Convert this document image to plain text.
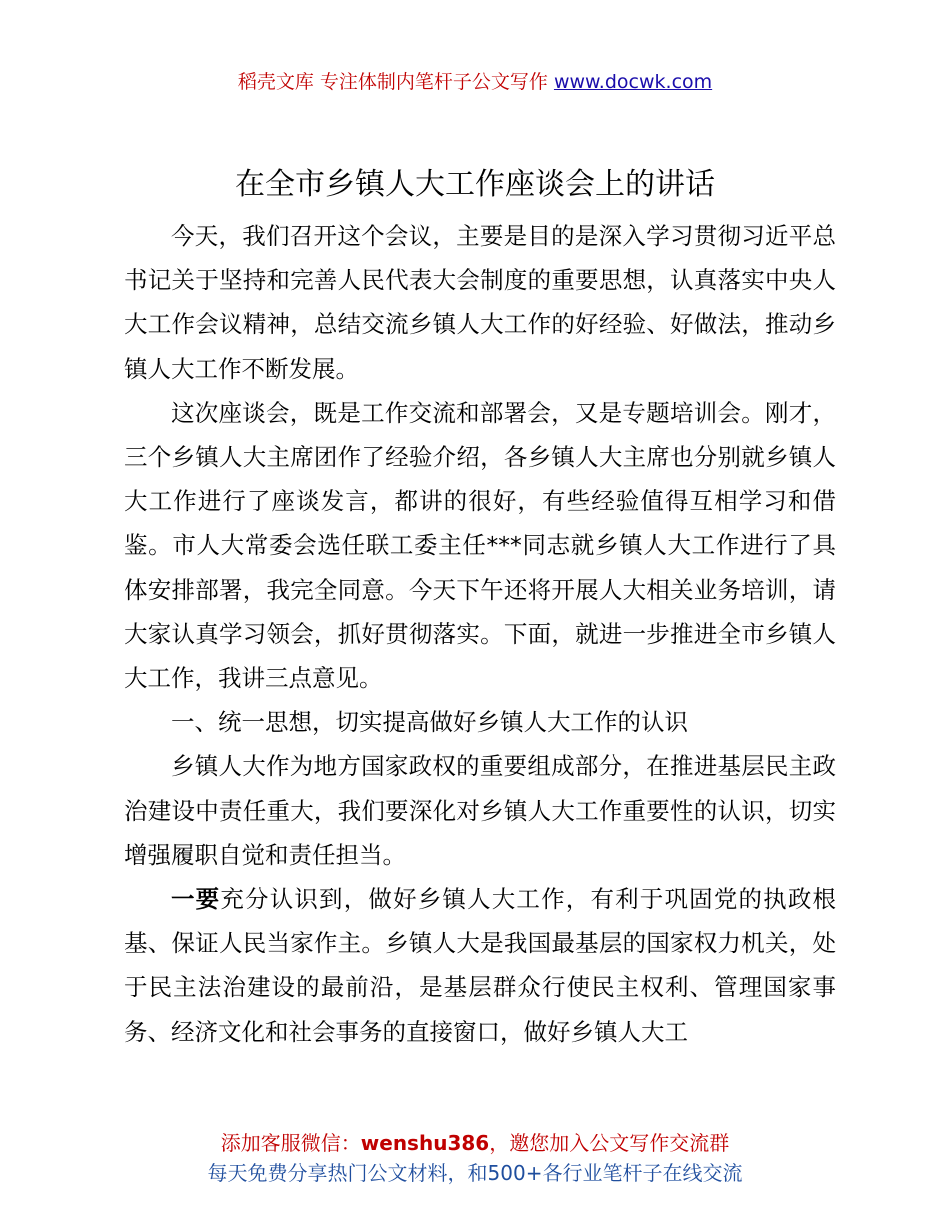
稻壳文库 专注体制内笔杆子公文写作 www.docwk.com
在全市乡镇人大工作座谈会上的讲话

今天，我们召开这个会议，主要是目的是深入学习贯彻习近平总书记关于坚持和完善人民代表大会制度的重要思想，认真落实中央人大工作会议精神，总结交流乡镇人大工作的好经验、好做法，推动乡镇人大工作不断发展。

这次座谈会，既是工作交流和部署会，又是专题培训会。刚才，三个乡镇人大主席团作了经验介绍，各乡镇人大主席也分别就乡镇人大工作进行了座谈发言，都讲的很好，有些经验值得互相学习和借鉴。市人大常委会选任联工委主任***同志就乡镇人大工作进行了具体安排部署，我完全同意。今天下午还将开展人大相关业务培训，请大家认真学习领会，抓好贯彻落实。下面，就进一步推进全市乡镇人大工作，我讲三点意见。

一、统一思想，切实提高做好乡镇人大工作的认识

乡镇人大作为地方国家政权的重要组成部分，在推进基层民主政治建设中责任重大，我们要深化对乡镇人大工作重要性的认识，切实增强履职自觉和责任担当。

一要充分认识到，做好乡镇人大工作，有利于巩固党的执政根基、保证人民当家作主。乡镇人大是我国最基层的国家权力机关，处于民主法治建设的最前沿，是基层群众行使民主权利、管理国家事务、经济文化和社会事务的直接窗口，做好乡镇人大工

添加客服微信：wenshu386，邀您加入公文写作交流群
每天免费分享热门公文材料，和500+各行业笔杆子在线交流
